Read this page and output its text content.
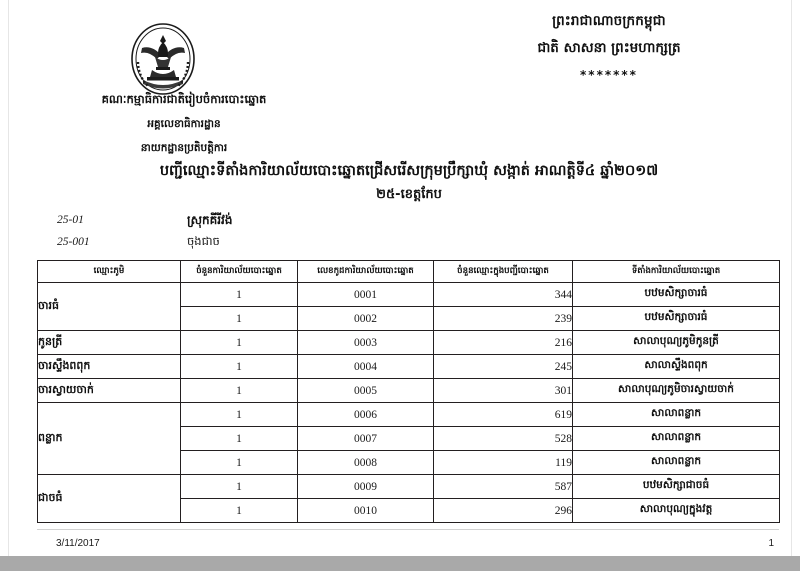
ព្រះរាជាណាចក្រកម្ពុជា
ជាតិ សាសនា ព្រះមហាក្សត្រ
*******
គណៈកម្មាធិការជាតិរៀបចំការបោះឆ្នោត
អគ្គលេខាធិការដ្ឋាន
នាយកដ្ឋានប្រតិបត្តិការ
បញ្ជីឈ្មោះទីតាំងការិយាល័យបោះឆ្នោតជ្រើសរើសក្រុមប្រឹក្សាឃុំ សង្កាត់ អាណត្តិទី៤ ឆ្នាំ២០១៧
២៥-ខេត្តកែប
25-01	ស្រុកគីរីវង់
25-001	ចុងជាច
ឈ្មោះភូមិ	ចំនួនការិយាល័យបោះឆ្នោត	លេខកូដការិយាល័យបោះឆ្នោត	ចំនួនឈ្មោះក្នុងបញ្ជីបោះឆ្នោត	ទីតាំងការិយាល័យបោះឆ្នោត
ចារធំ	1	0001	344	បឋមសិក្សាចារធំ
	1	0002	239	បឋមសិក្សាចារធំ
កូនត្រី	1	0003	216	សាលាបុណ្យភូមិកូនត្រី
ចារស្ទឹងពពុក	1	0004	245	សាលាស្ទឹងពពុក
ចារស្វាយចាក់	1	0005	301	សាលាបុណ្យភូមិចារស្វាយចាក់
ពន្លាក	1	0006	619	សាលាពន្លាក
	1	0007	528	សាលាពន្លាក
	1	0008	119	សាលាពន្លាក
ជាចធំ	1	0009	587	បឋមសិក្សាជាចធំ
	1	0010	296	សាលាបុណ្យក្នុងវត្ត
3/11/2017	1
